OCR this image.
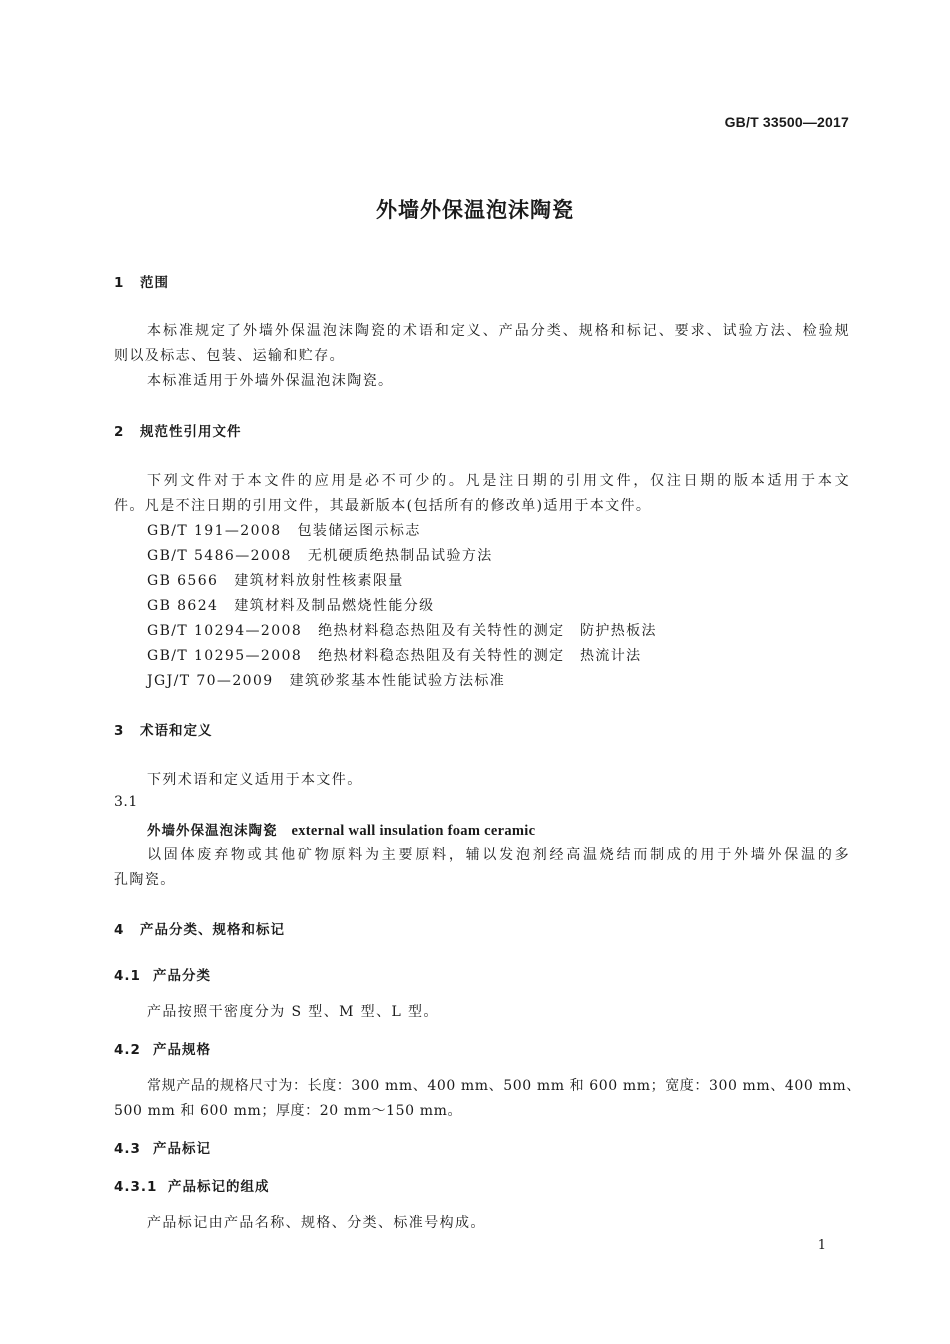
GB/T 33500—2017
外墙外保温泡沫陶瓷
1 范围
本标准规定了外墙外保温泡沫陶瓷的术语和定义、产品分类、规格和标记、要求、试验方法、检验规
则以及标志、包装、运输和贮存。
本标准适用于外墙外保温泡沫陶瓷。
2 规范性引用文件
下列文件对于本文件的应用是必不可少的。凡是注日期的引用文件，仅注日期的版本适用于本文
件。凡是不注日期的引用文件，其最新版本(包括所有的修改单)适用于本文件。
GB/T 191—2008 包装储运图示标志
GB/T 5486—2008 无机硬质绝热制品试验方法
GB 6566 建筑材料放射性核素限量
GB 8624 建筑材料及制品燃烧性能分级
GB/T 10294—2008 绝热材料稳态热阻及有关特性的测定　防护热板法
GB/T 10295—2008 绝热材料稳态热阻及有关特性的测定　热流计法
JGJ/T 70—2009 建筑砂浆基本性能试验方法标准
3 术语和定义
下列术语和定义适用于本文件。
3.1
外墙外保温泡沫陶瓷 external wall insulation foam ceramic
以固体废弃物或其他矿物原料为主要原料，辅以发泡剂经高温烧结而制成的用于外墙外保温的多
孔陶瓷。
4 产品分类、规格和标记
4.1 产品分类
产品按照干密度分为 S 型、M 型、L 型。
4.2 产品规格
常规产品的规格尺寸为：长度：300 mm、400 mm、500 mm 和 600 mm；宽度：300 mm、400 mm、
500 mm 和 600 mm；厚度：20 mm～150 mm。
4.3 产品标记
4.3.1 产品标记的组成
产品标记由产品名称、规格、分类、标准号构成。
1
